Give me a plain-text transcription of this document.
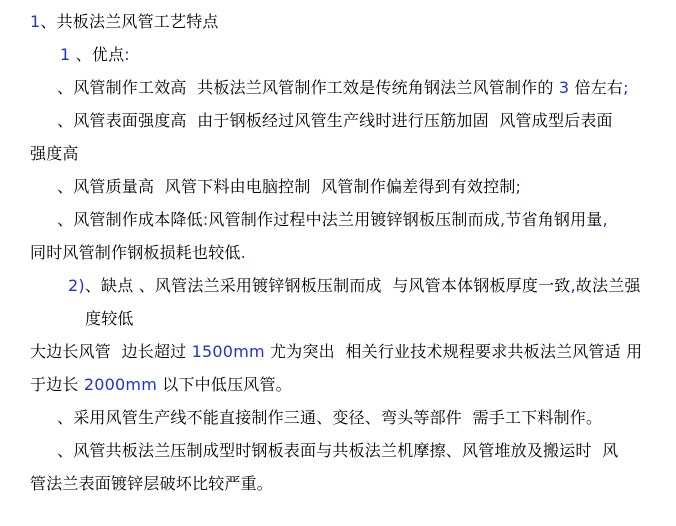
1、共板法兰风管工艺特点
1 、优点:
、风管制作工效高  共板法兰风管制作工效是传统角钢法兰风管制作的 3 倍左右;
、风管表面强度高  由于钢板经过风管生产线时进行压筋加固  风管成型后表面
强度高
、风管质量高  风管下料由电脑控制  风管制作偏差得到有效控制;
、风管制作成本降低:风管制作过程中法兰用镀锌钢板压制而成,节省角钢用量,
同时风管制作钢板损耗也较低.
2)、缺点 、风管法兰采用镀锌钢板压制而成  与风管本体钢板厚度一致,故法兰强
度较低
大边长风管  边长超过 1500mm 尤为突出  相关行业技术规程要求共板法兰风管适 用
于边长 2000mm 以下中低压风管。
、采用风管生产线不能直接制作三通、变径、弯头等部件  需手工下料制作。
、风管共板法兰压制成型时钢板表面与共板法兰机摩擦、风管堆放及搬运时  风
管法兰表面镀锌层破坏比较严重。
